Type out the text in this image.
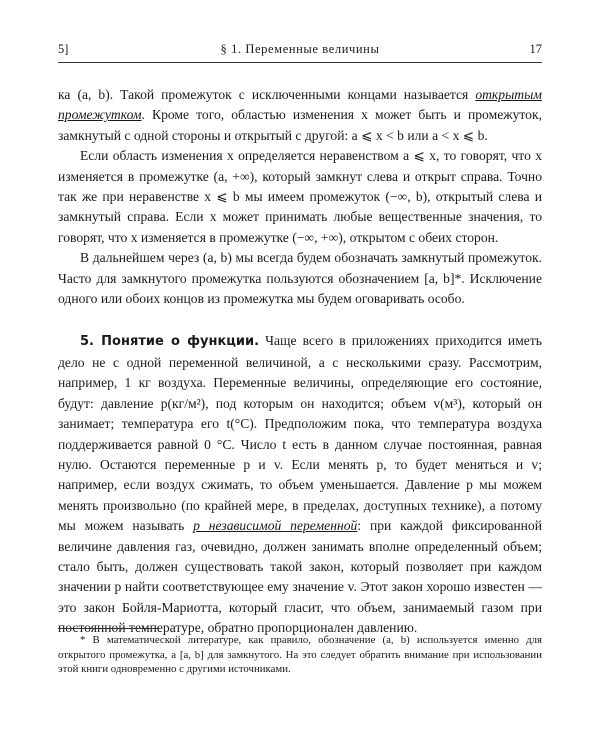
5]	§ 1. Переменные величины	17

ка (a, b). Такой промежуток с исключенными концами называется открытым промежутком. Кроме того, областью изменения x может быть и промежуток, замкнутый с одной стороны и открытый с другой: a ⩽ x < b или a < x ⩽ b.

Если область изменения x определяется неравенством a ⩽ x, то говорят, что x изменяется в промежутке (a, +∞), который замкнут слева и открыт справа. Точно так же при неравенстве x ⩽ b мы имеем промежуток (−∞, b), открытый слева и замкнутый справа. Если x может принимать любые вещественные значения, то говорят, что x изменяется в промежутке (−∞, +∞), открытом с обеих сторон.

В дальнейшем через (a, b) мы всегда будем обозначать замкнутый промежуток. Часто для замкнутого промежутка пользуются обозначением [a, b]*. Исключение одного или обоих концов из промежутка мы будем оговаривать особо.

5. Понятие о функции. Чаще всего в приложениях приходится иметь дело не с одной переменной величиной, а с несколькими сразу. Рассмотрим, например, 1 кг воздуха. Переменные величины, определяющие его состояние, будут: давление p(кг/м²), под которым он находится; объем v(м³), который он занимает; температура его t(°C). Предположим пока, что температура воздуха поддерживается равной 0 °C. Число t есть в данном случае постоянная, равная нулю. Остаются переменные p и v. Если менять p, то будет меняться и v; например, если воздух сжимать, то объем уменьшается. Давление p мы можем менять произвольно (по крайней мере, в пределах, доступных технике), а потому мы можем называть p независимой переменной: при каждой фиксированной величине давления газ, очевидно, должен занимать вполне определенный объем; стало быть, должен существовать такой закон, который позволяет при каждом значении p найти соответствующее ему значение v. Этот закон хорошо известен — это закон Бойля-Мариотта, который гласит, что объем, занимаемый газом при постоянной температуре, обратно пропорционален давлению.

* В математической литературе, как правило, обозначение (a, b) используется именно для открытого промежутка, а [a, b] для замкнутого. На это следует обратить внимание при использовании этой книги одновременно с другими источниками.
